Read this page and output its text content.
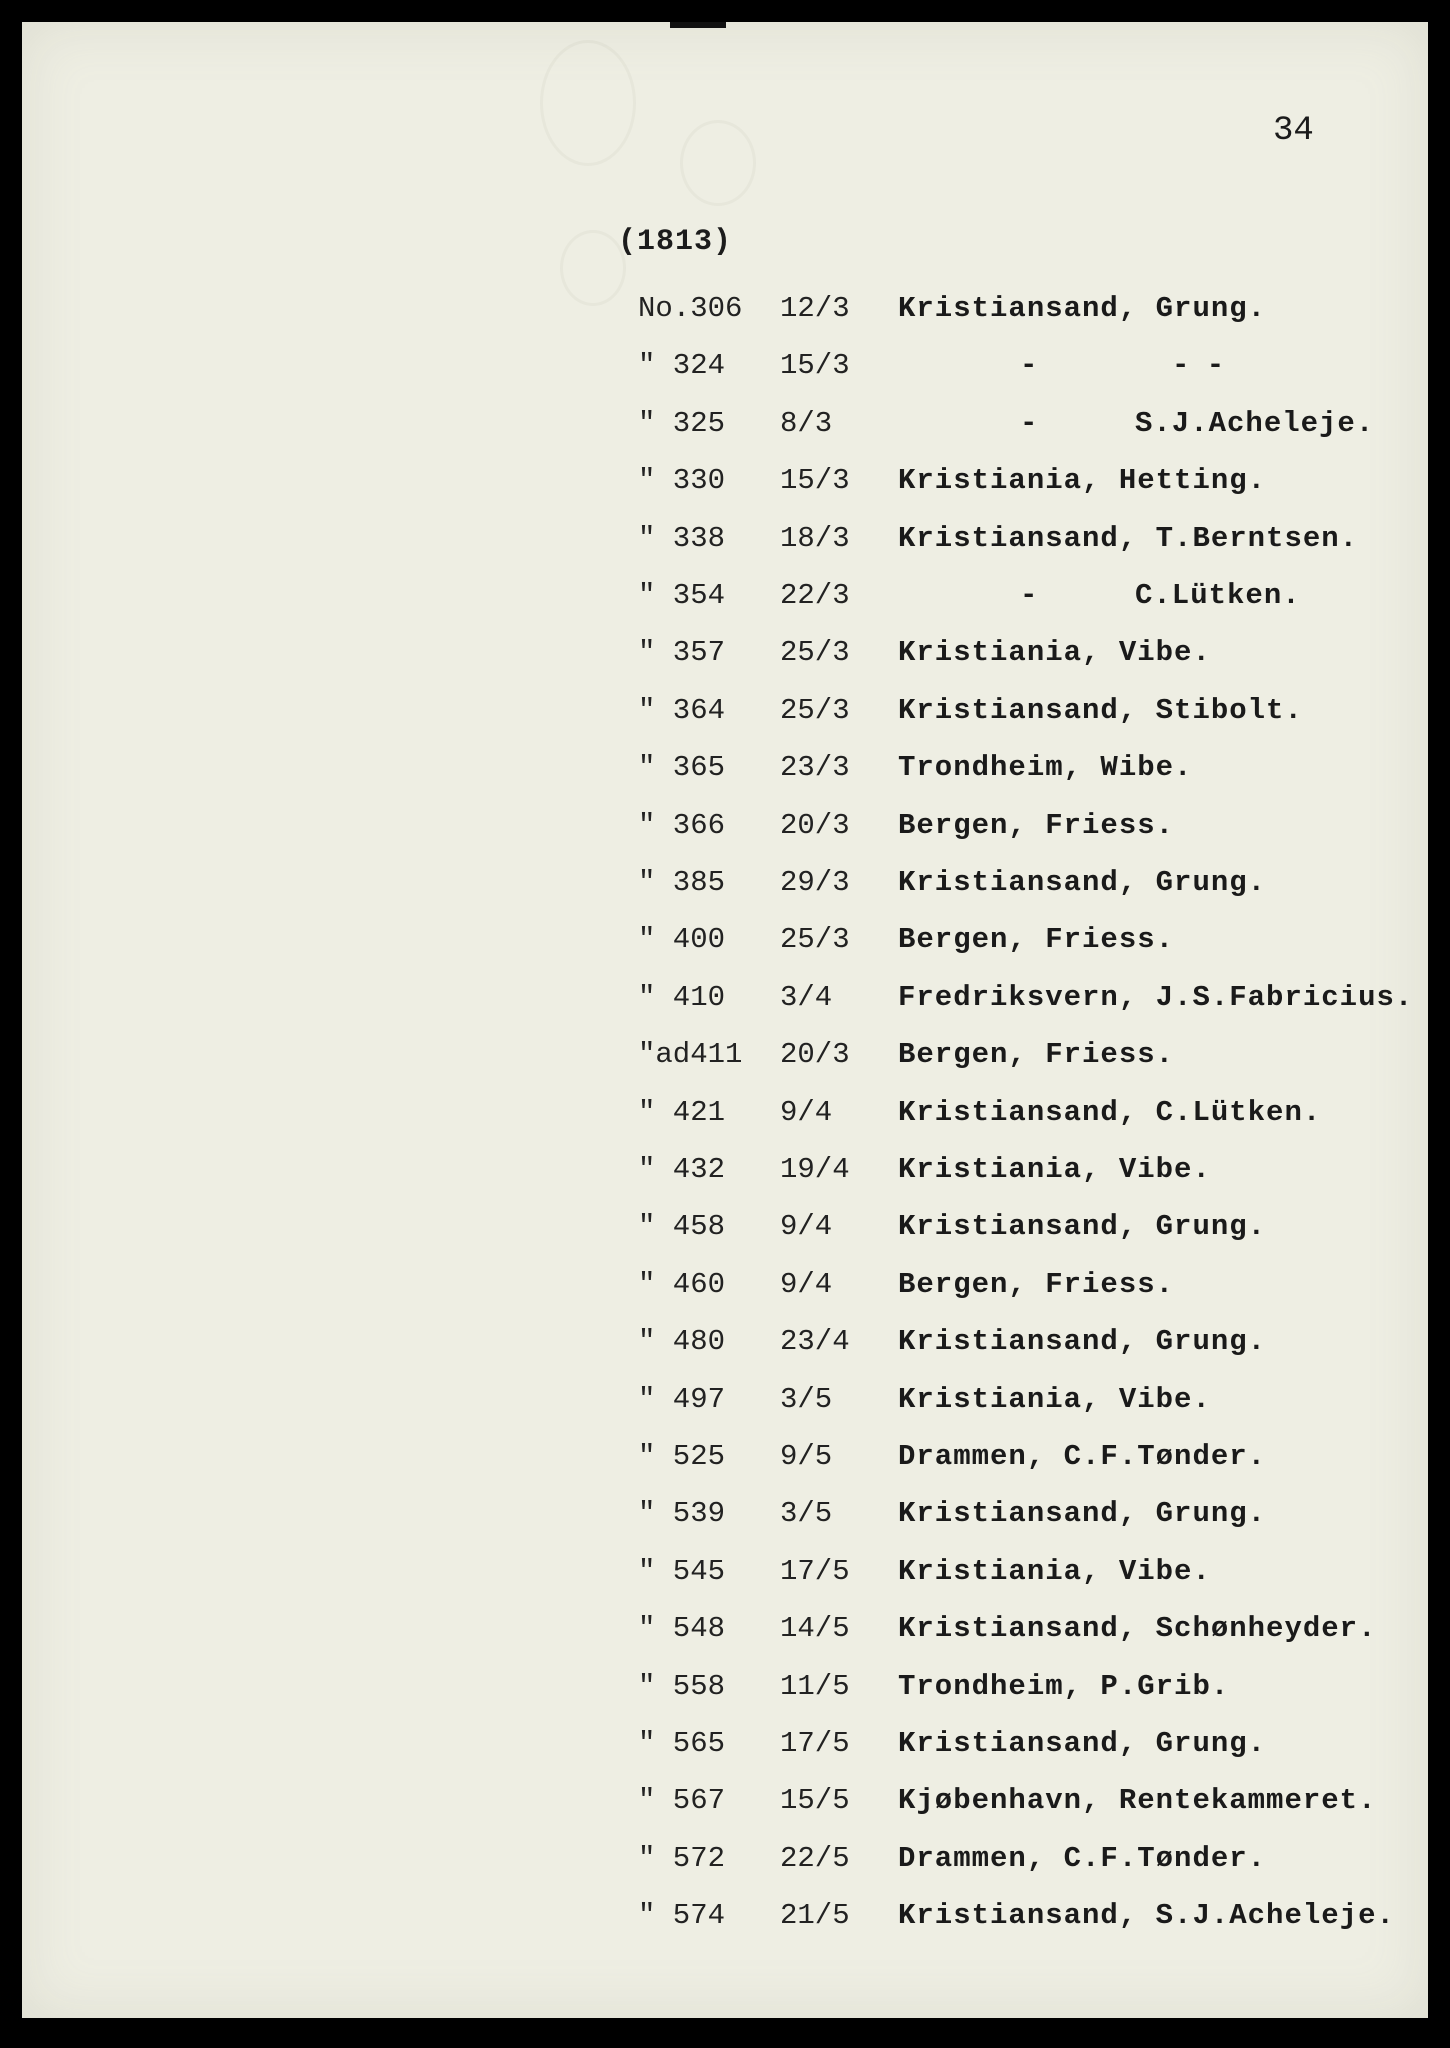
34
(1813)
No.306	12/3 Kristiansand, Grung.
" 324	15/3	-	- -
" 325	8/3	-	S.J.Acheleje.
" 330	15/3 Kristiania, Hetting.
" 338	18/3 Kristiansand, T.Berntsen.
" 354	22/3	-	C.Lütken.
" 357	25/3 Kristiania, Vibe.
" 364	25/3 Kristiansand, Stibolt.
" 365	23/3 Trondheim, Wibe.
" 366	20/3 Bergen, Friess.
" 385	29/3 Kristiansand, Grung.
" 400	25/3 Bergen, Friess.
" 410	3/4 Fredriksvern, J.S.Fabricius.
"ad411	20/3 Bergen, Friess.
" 421	9/4 Kristiansand, C.Lütken.
" 432	19/4 Kristiania, Vibe.
" 458	9/4 Kristiansand, Grung.
" 460	9/4 Bergen, Friess.
" 480	23/4 Kristiansand, Grung.
" 497	3/5 Kristiania, Vibe.
" 525	9/5 Drammen, C.F.Tønder.
" 539	3/5 Kristiansand, Grung.
" 545	17/5 Kristiania, Vibe.
" 548	14/5 Kristiansand, Schønheyder.
" 558	11/5 Trondheim, P.Grib.
" 565	17/5 Kristiansand, Grung.
" 567	15/5 Kjøbenhavn, Rentekammeret.
" 572	22/5 Drammen, C.F.Tønder.
" 574	21/5 Kristiansand, S.J.Acheleje.
